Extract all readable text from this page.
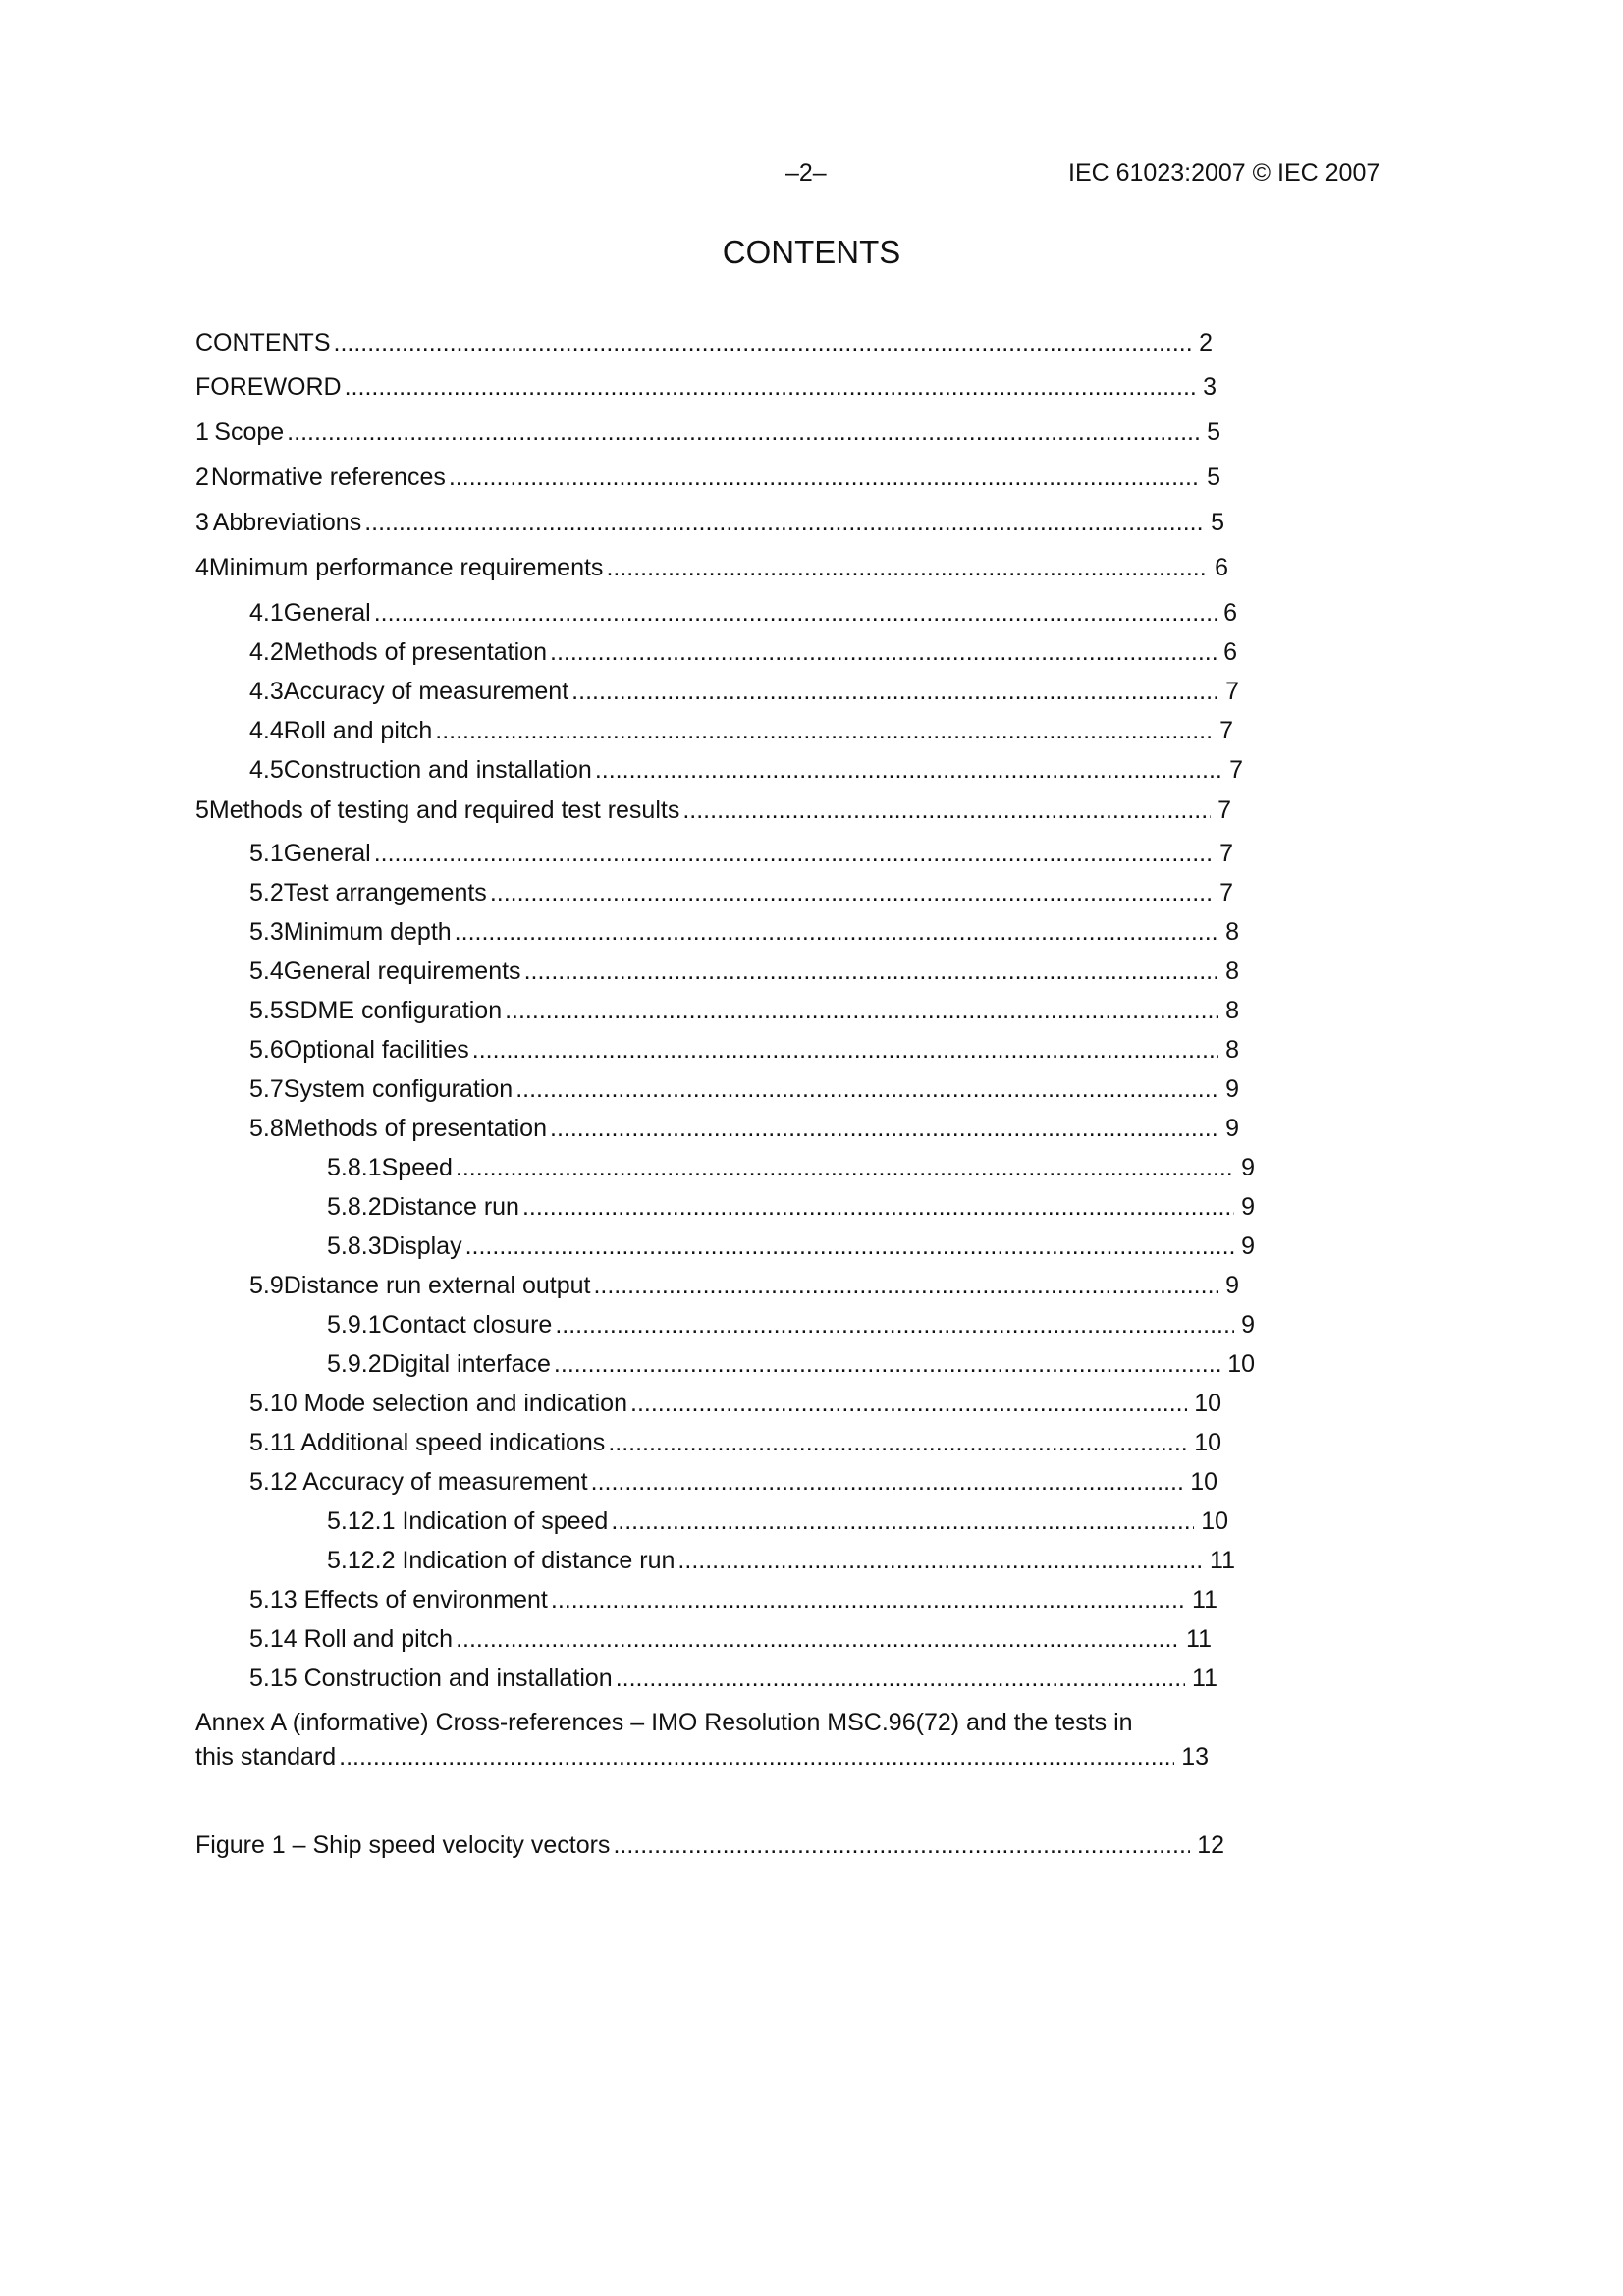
–2–	IEC 61023:2007 © IEC 2007
CONTENTS
CONTENTS .....	2
FOREWORD .....	3
1 Scope .....	5
2 Normative references .....	5
3 Abbreviations .....	5
4 Minimum performance requirements .....	6
4.1 General .....	6
4.2 Methods of presentation .....	6
4.3 Accuracy of measurement .....	7
4.4 Roll and pitch .....	7
4.5 Construction and installation .....	7
5 Methods of testing and required test results .....	7
5.1 General .....	7
5.2 Test arrangements .....	7
5.3 Minimum depth .....	8
5.4 General requirements .....	8
5.5 SDME configuration .....	8
5.6 Optional facilities .....	8
5.7 System configuration .....	9
5.8 Methods of presentation .....	9
5.8.1 Speed .....	9
5.8.2 Distance run .....	9
5.8.3 Display .....	9
5.9 Distance run external output .....	9
5.9.1 Contact closure .....	9
5.9.2 Digital interface .....	10
5.10 Mode selection and indication .....	10
5.11 Additional speed indications .....	10
5.12 Accuracy of measurement .....	10
5.12.1 Indication of speed .....	10
5.12.2 Indication of distance run .....	11
5.13 Effects of environment .....	11
5.14 Roll and pitch .....	11
5.15 Construction and installation .....	11
Annex A (informative) Cross-references – IMO Resolution MSC.96(72) and the tests in
this standard .....	13
Figure 1 – Ship speed velocity vectors .....	12
